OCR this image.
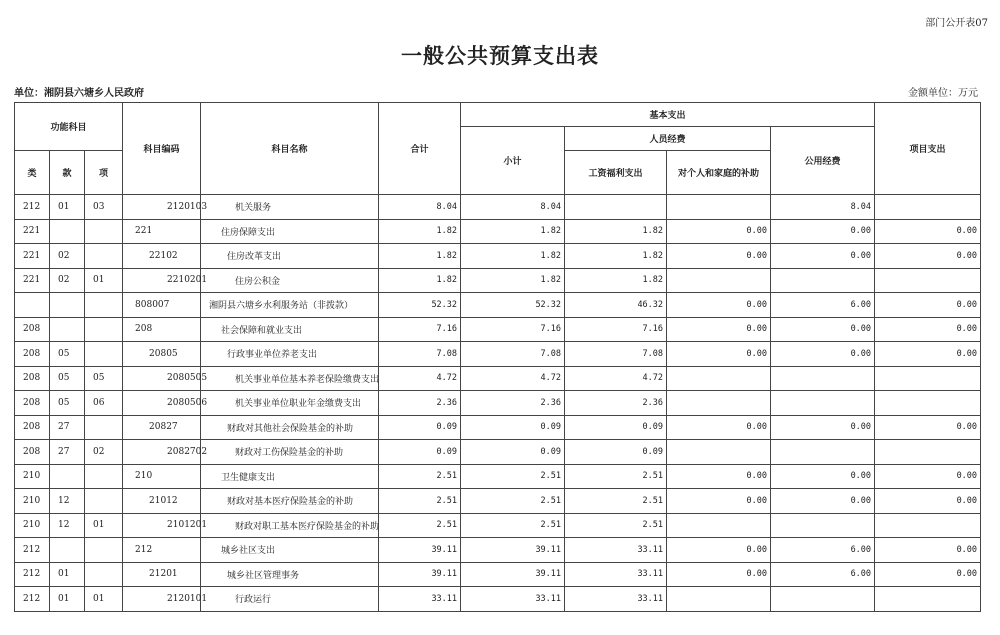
部门公开表07
一般公共预算支出表
单位：湘阴县六塘乡人民政府	金额单位：万元
功能科目			科目编码	科目名称	合计	基本支出				项目支出
						小计	人员经费		公用经费	
类	款	项					工资福利支出	对个人和家庭的补助		
212	01	03	2120103	机关服务	8.04	8.04			8.04	
221			221	住房保障支出	1.82	1.82	1.82	0.00	0.00	0.00
221	02		22102	住房改革支出	1.82	1.82	1.82	0.00	0.00	0.00
221	02	01	2210201	住房公积金	1.82	1.82	1.82			
			808007	湘阴县六塘乡水利服务站（非拨款）	52.32	52.32	46.32	0.00	6.00	0.00
208			208	社会保障和就业支出	7.16	7.16	7.16	0.00	0.00	0.00
208	05		20805	行政事业单位养老支出	7.08	7.08	7.08	0.00	0.00	0.00
208	05	05	2080505	机关事业单位基本养老保险缴费支出	4.72	4.72	4.72			
208	05	06	2080506	机关事业单位职业年金缴费支出	2.36	2.36	2.36			
208	27		20827	财政对其他社会保险基金的补助	0.09	0.09	0.09	0.00	0.00	0.00
208	27	02	2082702	财政对工伤保险基金的补助	0.09	0.09	0.09			
210			210	卫生健康支出	2.51	2.51	2.51	0.00	0.00	0.00
210	12		21012	财政对基本医疗保险基金的补助	2.51	2.51	2.51	0.00	0.00	0.00
210	12	01	2101201	财政对职工基本医疗保险基金的补助	2.51	2.51	2.51			
212			212	城乡社区支出	39.11	39.11	33.11	0.00	6.00	0.00
212	01		21201	城乡社区管理事务	39.11	39.11	33.11	0.00	6.00	0.00
212	01	01	2120101	行政运行	33.11	33.11	33.11			
